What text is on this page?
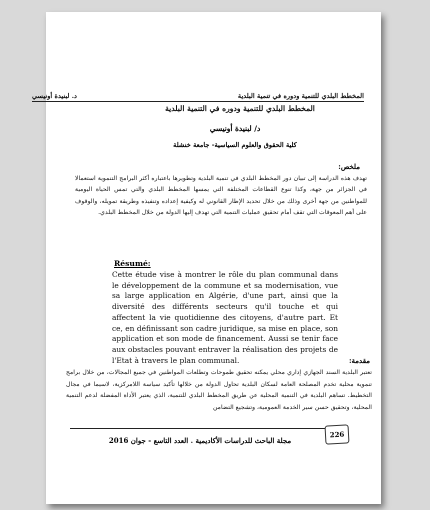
المخطط البلدي للتنمية ودوره في تنمية البلدية
د. لبنيدة أونيسي
المخطط البلدي للتنمية ودوره في التنمية البلدية
د/ لبنيدة أونيسي
كلية الحقوق والعلوم السياسية- جامعة خنشلة
ملخص:

تهدف هذه الدراسة إلى تبيان دور المخطط البلدي في تنمية البلدية وتطويرها باعتباره أكثر البرامج التنموية استعمالا في الجزائر من جهة، وكذا تنوع القطاعات المختلفة التي يمسها المخطط البلدي والتي تمس الحياة اليومية للمواطنين من جهة أخرى وذلك من خلال تحديد الإطار القانوني له وكيفية إعداده وتنفيذه وطريقة تمويله، والوقوف على أهم المعوقات التي تقف أمام تحقيق عمليات التنمية التي تهدف إليها الدولة من خلال المخطط البلدي.

Résumé:

Cette étude vise à montrer le rôle du plan communal dans le développement de la commune et sa modernisation, vue sa large application en Algérie, d'une part, ainsi que la diversité des différents secteurs qu'il touche et qui affectent la vie quotidienne des citoyens, d'autre part. Et ce, en définissant son cadre juridique, sa mise en place, son application et son mode de financement. Aussi se tenir face aux obstacles pouvant entraver la réalisation des projets de l'Etat à travers le plan communal.	مقدمة:

تعتبر البلدية السند الجهازي إداري محلي يمكنه تحقيق طموحات وتطلعات المواطنين في جميع المجالات، من خلال برامج تنموية محلية تخدم المصلحة العامة لسكان البلدية تحاول الدولة من خلالها تأكيد سياسة اللامركزية، لاسيما في مجال التخطيط. تساهم البلدية في التنمية المحلية عن طريق المخطط البلدي للتنمية، الذي يعتبر الأداة المفضلة لدعم التنمية المحلية، وتحقيق حسن سير الخدمة العمومية، وتشجيع التضامن

مجلة الباحث للدراسات الأكاديمية . العدد التاسع - جوان 2016
226
